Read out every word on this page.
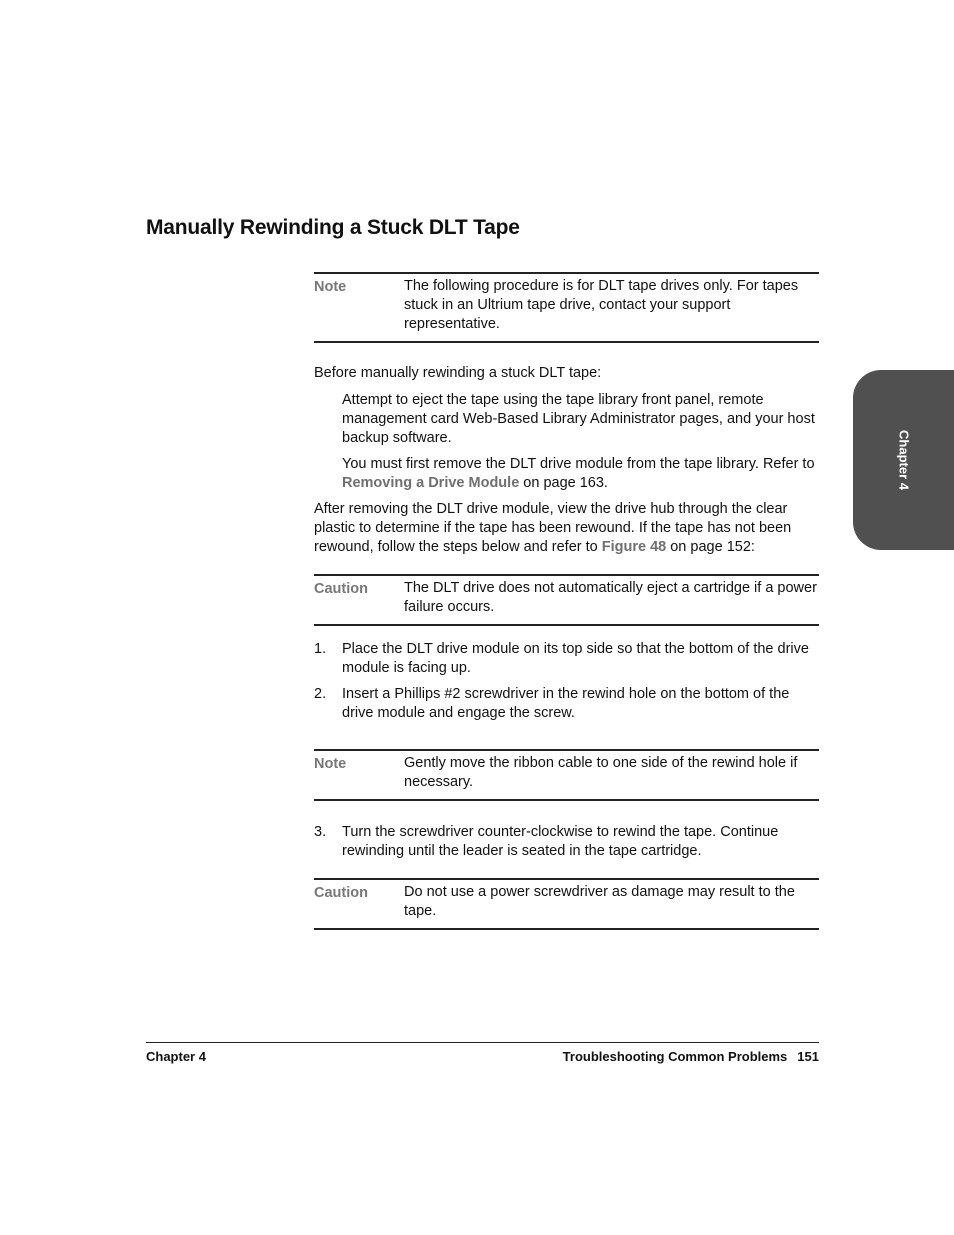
Manually Rewinding a Stuck DLT Tape
Note	The following procedure is for DLT tape drives only. For tapes stuck in an Ultrium tape drive, contact your support representative.

Before manually rewinding a stuck DLT tape:

Attempt to eject the tape using the tape library front panel, remote management card Web-Based Library Administrator pages, and your host backup software.

You must first remove the DLT drive module from the tape library. Refer to Removing a Drive Module on page 163.

After removing the DLT drive module, view the drive hub through the clear plastic to determine if the tape has been rewound. If the tape has not been rewound, follow the steps below and refer to Figure 48 on page 152:

Caution	The DLT drive does not automatically eject a cartridge if a power failure occurs.
1.	Place the DLT drive module on its top side so that the bottom of the drive module is facing up.
2.	Insert a Phillips #2 screwdriver in the rewind hole on the bottom of the drive module and engage the screw.
Note	Gently move the ribbon cable to one side of the rewind hole if necessary.
3.	Turn the screwdriver counter-clockwise to rewind the tape. Continue rewinding until the leader is seated in the tape cartridge.
Caution	Do not use a power screwdriver as damage may result to the tape.
Chapter 4
Chapter 4	Troubleshooting Common Problems 151
